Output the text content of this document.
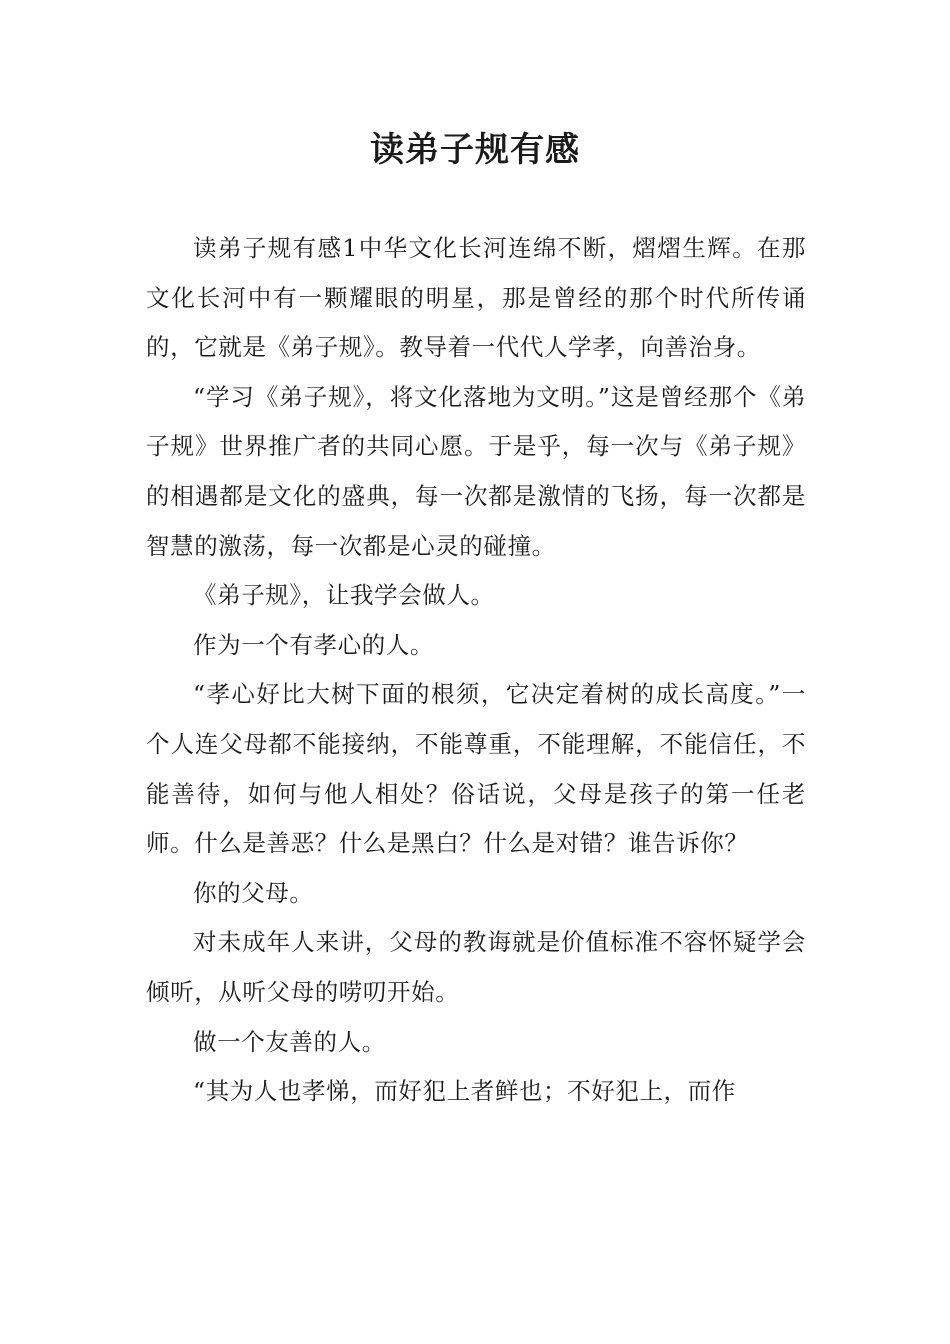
读弟子规有感

读弟子规有感1中华文化长河连绵不断，熠熠生辉。在那文化长河中有一颗耀眼的明星，那是曾经的那个时代所传诵的，它就是《弟子规》。教导着一代代人学孝，向善治身。

“学习《弟子规》，将文化落地为文明。”这是曾经那个《弟子规》世界推广者的共同心愿。于是乎，每一次与《弟子规》的相遇都是文化的盛典，每一次都是激情的飞扬，每一次都是智慧的激荡，每一次都是心灵的碰撞。

《弟子规》，让我学会做人。

作为一个有孝心的人。

“孝心好比大树下面的根须，它决定着树的成长高度。”一个人连父母都不能接纳，不能尊重，不能理解，不能信任，不能善待，如何与他人相处？俗话说，父母是孩子的第一任老师。什么是善恶？什么是黑白？什么是对错？谁告诉你？

你的父母。

对未成年人来讲，父母的教诲就是价值标准不容怀疑学会倾听，从听父母的唠叨开始。

做一个友善的人。

“其为人也孝悌，而好犯上者鲜也；不好犯上，而作
